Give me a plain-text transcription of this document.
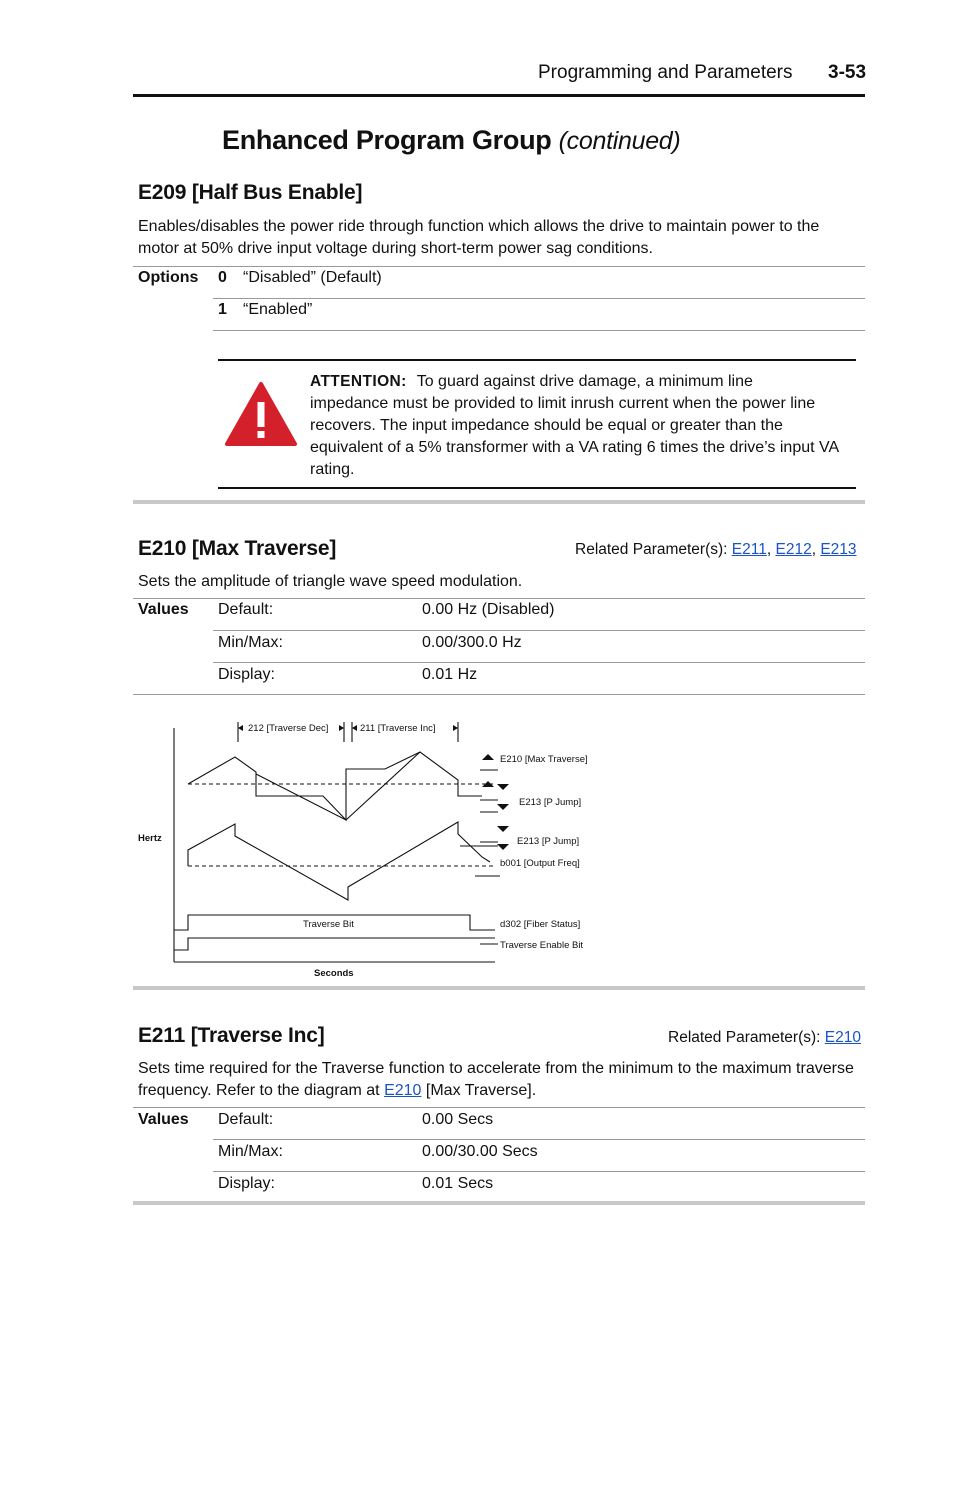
Programming and Parameters 3-53
Enhanced Program Group (continued)
E209 [Half Bus Enable]
Enables/disables the power ride through function which allows the drive to maintain power to the
motor at 50% drive input voltage during short-term power sag conditions.
Options 0 “Disabled” (Default)
1 “Enabled”
ATTENTION: To guard against drive damage, a minimum line
impedance must be provided to limit inrush current when the power line
recovers. The input impedance should be equal or greater than the
equivalent of a 5% transformer with a VA rating 6 times the drive’s input VA
rating.
E210 [Max Traverse]	Related Parameter(s): E211, E212, E213
Sets the amplitude of triangle wave speed modulation.
Values Default:	0.00 Hz (Disabled)
Min/Max:	0.00/300.0 Hz
Display:	0.01 Hz
212 [Traverse Dec]	211 [Traverse Inc]
E210 [Max Traverse]
E213 [P Jump]
E213 [P Jump]
b001 [Output Freq]
d302 [Fiber Status]
Traverse Enable Bit
Traverse Bit
Hertz
Seconds
E211 [Traverse Inc]	Related Parameter(s): E210
Sets time required for the Traverse function to accelerate from the minimum to the maximum traverse
frequency. Refer to the diagram at E210 [Max Traverse].
Values Default:	0.00 Secs
Min/Max:	0.00/30.00 Secs
Display:	0.01 Secs
